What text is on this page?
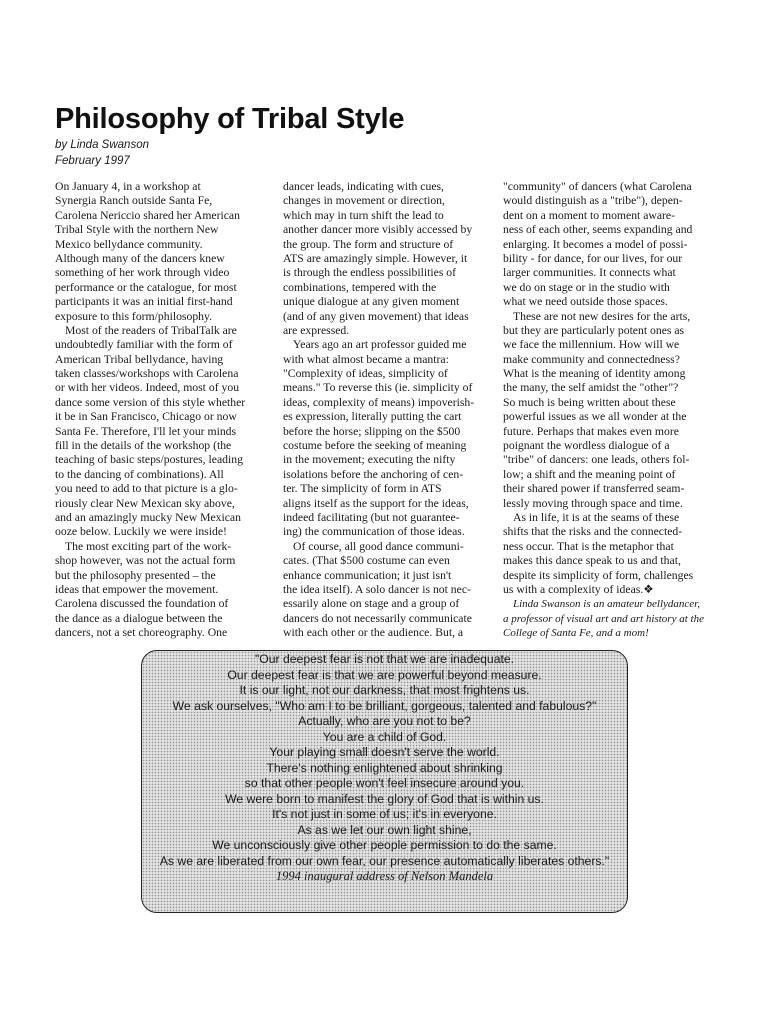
Philosophy of Tribal Style
by Linda Swanson
February 1997
On January 4, in a workshop at
Synergia Ranch outside Santa Fe,
Carolena Nericcio shared her American
Tribal Style with the northern New
Mexico bellydance community.
Although many of the dancers knew
something of her work through video
performance or the catalogue, for most
participants it was an initial first-hand
exposure to this form/philosophy.
Most of the readers of TribalTalk are
undoubtedly familiar with the form of
American Tribal bellydance, having
taken classes/workshops with Carolena
or with her videos. Indeed, most of you
dance some version of this style whether
it be in San Francisco, Chicago or now
Santa Fe. Therefore, I'll let your minds
fill in the details of the workshop (the
teaching of basic steps/postures, leading
to the dancing of combinations). All
you need to add to that picture is a glo-
riously clear New Mexican sky above,
and an amazingly mucky New Mexican
ooze below. Luckily we were inside!
The most exciting part of the work-
shop however, was not the actual form
but the philosophy presented – the
ideas that empower the movement.
Carolena discussed the foundation of
the dance as a dialogue between the
dancers, not a set choreography. One
dancer leads, indicating with cues,
changes in movement or direction,
which may in turn shift the lead to
another dancer more visibly accessed by
the group. The form and structure of
ATS are amazingly simple. However, it
is through the endless possibilities of
combinations, tempered with the
unique dialogue at any given moment
(and of any given movement) that ideas
are expressed.
Years ago an art professor guided me
with what almost became a mantra:
"Complexity of ideas, simplicity of
means." To reverse this (ie. simplicity of
ideas, complexity of means) impoverish-
es expression, literally putting the cart
before the horse; slipping on the $500
costume before the seeking of meaning
in the movement; executing the nifty
isolations before the anchoring of cen-
ter. The simplicity of form in ATS
aligns itself as the support for the ideas,
indeed facilitating (but not guarantee-
ing) the communication of those ideas.
Of course, all good dance communi-
cates. (That $500 costume can even
enhance communication; it just isn't
the idea itself). A solo dancer is not nec-
essarily alone on stage and a group of
dancers do not necessarily communicate
with each other or the audience. But, a
"community" of dancers (what Carolena
would distinguish as a "tribe"), depen-
dent on a moment to moment aware-
ness of each other, seems expanding and
enlarging. It becomes a model of possi-
bility - for dance, for our lives, for our
larger communities. It connects what
we do on stage or in the studio with
what we need outside those spaces.
These are not new desires for the arts,
but they are particularly potent ones as
we face the millennium. How will we
make community and connectedness?
What is the meaning of identity among
the many, the self amidst the "other"?
So much is being written about these
powerful issues as we all wonder at the
future. Perhaps that makes even more
poignant the wordless dialogue of a
"tribe" of dancers: one leads, others fol-
low; a shift and the meaning point of
their shared power if transferred seam-
lessly moving through space and time.
As in life, it is at the seams of these
shifts that the risks and the connected-
ness occur. That is the metaphor that
makes this dance speak to us and that,
despite its simplicity of form, challenges
us with a complexity of ideas.❖
Linda Swanson is an amateur bellydancer,
a professor of visual art and art history at the
College of Santa Fe, and a mom!
"Our deepest fear is not that we are inadequate.
Our deepest fear is that we are powerful beyond measure.
It is our light, not our darkness, that most frightens us.
We ask ourselves, "Who am I to be brilliant, gorgeous, talented and fabulous?"
Actually, who are you not to be?
You are a child of God.
Your playing small doesn't serve the world.
There's nothing enlightened about shrinking
so that other people won't feel insecure around you.
We were born to manifest the glory of God that is within us.
It's not just in some of us; it's in everyone.
As as we let our own light shine,
We unconsciously give other people permission to do the same.
As we are liberated from our own fear, our presence automatically liberates others."
1994 inaugural address of Nelson Mandela
